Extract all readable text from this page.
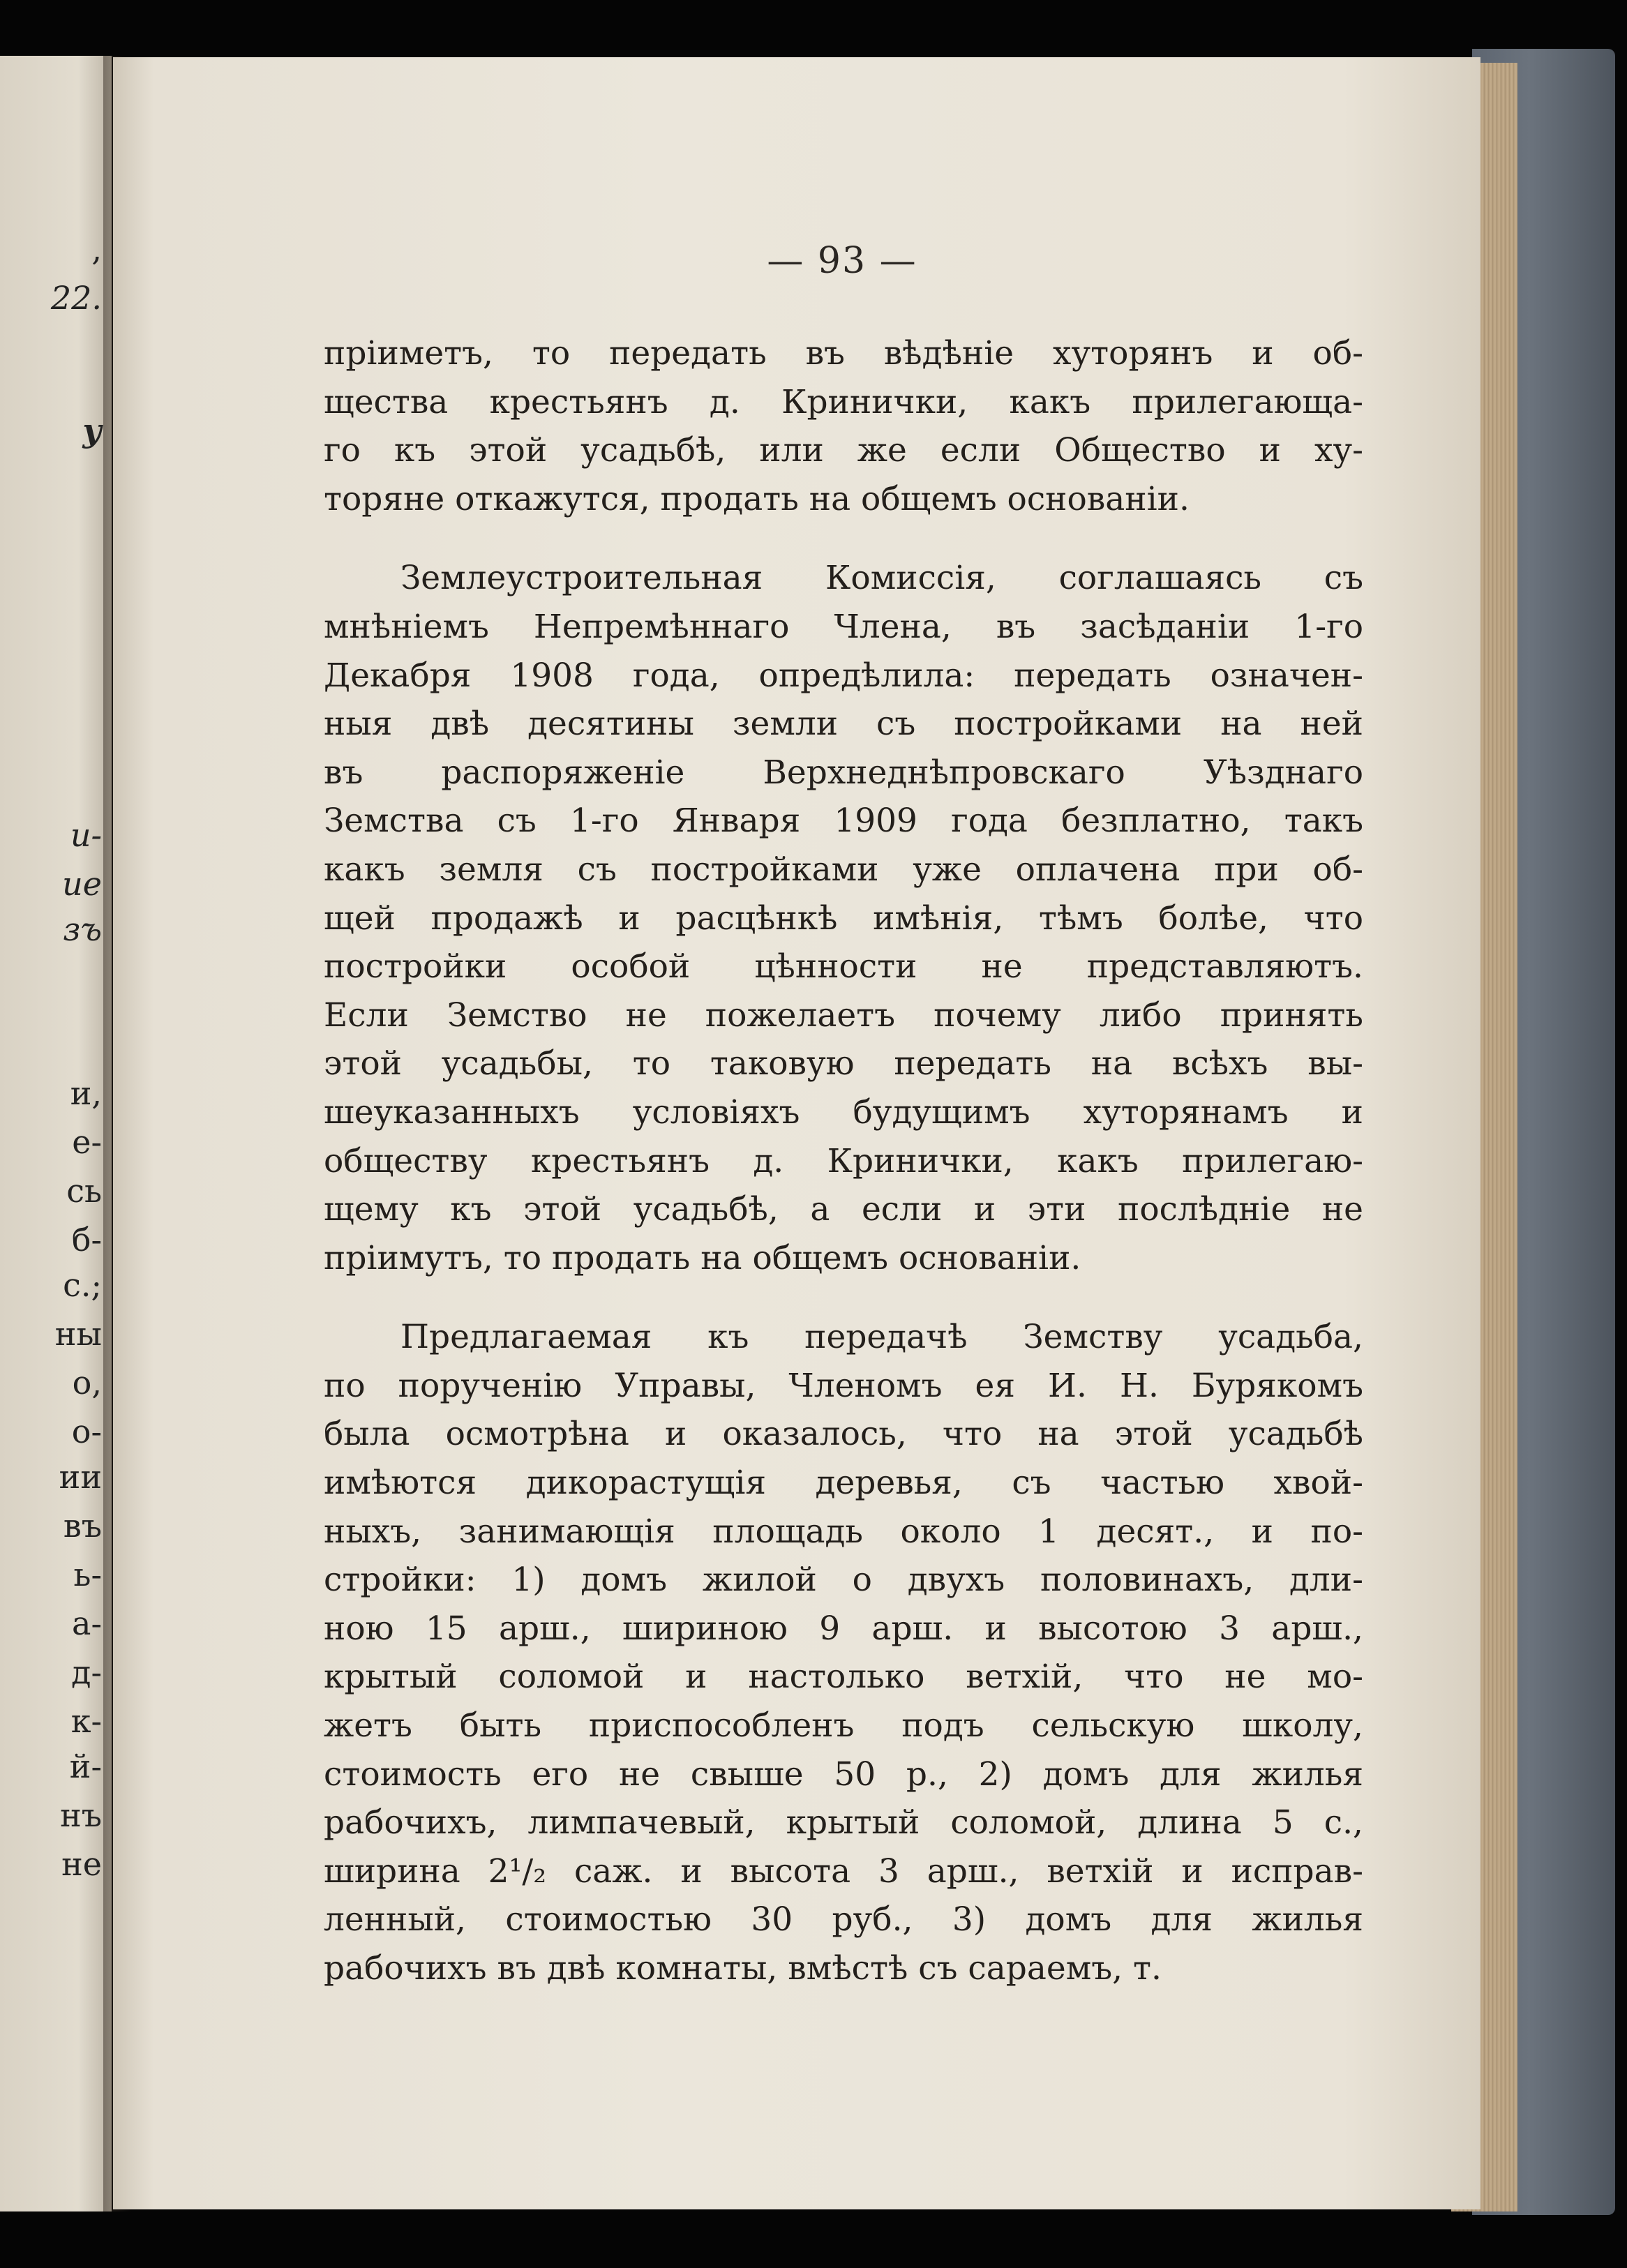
,
22.
у
и-
ие
зъ
и,
е-
сь
б-
с.;
ны
о,
о-
ии
въ
ь-
а-
д-
к-
й-
нъ
не
— 93 —
пріиметъ, то передать въ вѣдѣніе хуторянъ и об-
щества крестьянъ д. Кринички, какъ прилегающа-
го къ этой усадьбѣ, или же если Общество и ху-
торяне откажутся, продать на общемъ основаніи.
Землеустроительная Комиссія, соглашаясь съ
мнѣніемъ Непремѣннаго Члена, въ засѣданіи 1-го
Декабря 1908 года, опредѣлила: передать означен-
ныя двѣ десятины земли съ постройками на ней
въ распоряженіе Верхнеднѣпровскаго Уѣзднаго
Земства съ 1-го Января 1909 года безплатно, такъ
какъ земля съ постройками уже оплачена при об-
щей продажѣ и расцѣнкѣ имѣнія, тѣмъ болѣе, что
постройки особой цѣнности не представляютъ.
Если Земство не пожелаетъ почему либо принять
этой усадьбы, то таковую передать на всѣхъ вы-
шеуказанныхъ условіяхъ будущимъ хуторянамъ и
обществу крестьянъ д. Кринички, какъ прилегаю-
щему къ этой усадьбѣ, а если и эти послѣдніе не
пріимутъ, то продать на общемъ основаніи.
Предлагаемая къ передачѣ Земству усадьба,
по порученію Управы, Членомъ ея И. Н. Бурякомъ
была осмотрѣна и оказалось, что на этой усадьбѣ
имѣются дикорастущія деревья, съ частью хвой-
ныхъ, занимающія площадь около 1 десят., и по-
стройки: 1) домъ жилой о двухъ половинахъ, дли-
ною 15 арш., шириною 9 арш. и высотою 3 арш.,
крытый соломой и настолько ветхій, что не мо-
жетъ быть приспособленъ подъ сельскую школу,
стоимость его не свыше 50 р., 2) домъ для жилья
рабочихъ, лимпачевый, крытый соломой, длина 5 с.,
ширина 2¹/₂ саж. и высота 3 арш., ветхій и исправ-
ленный, стоимостью 30 руб., 3) домъ для жилья
рабочихъ въ двѣ комнаты, вмѣстѣ съ сараемъ, т.
